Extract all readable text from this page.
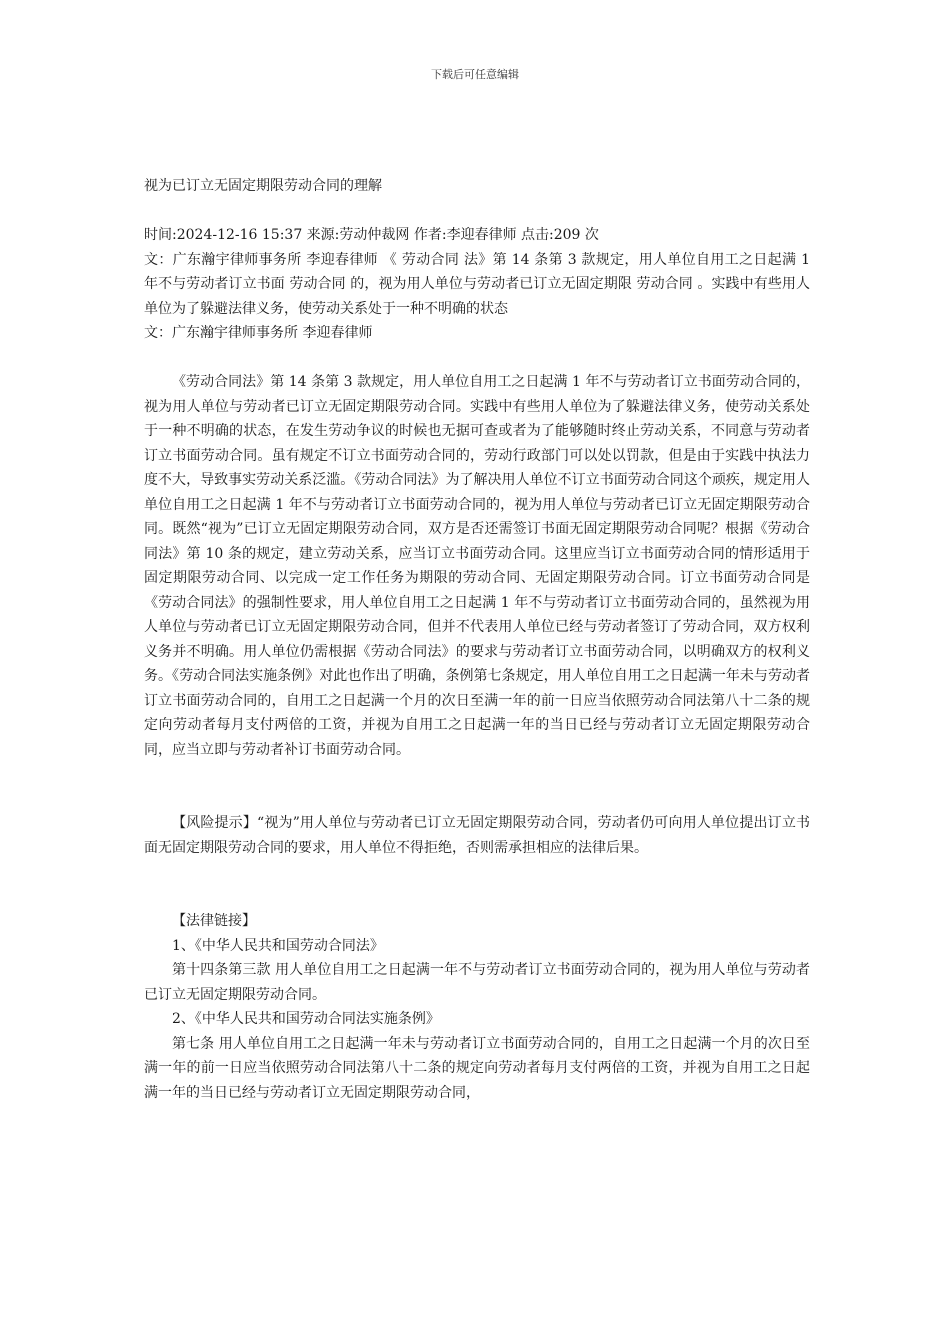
下载后可任意编辑

视为已订立无固定期限劳动合同的理解

时间:2024-12-16 15:37 来源:劳动仲裁网 作者:李迎春律师 点击:209 次

文：广东瀚宇律师事务所 李迎春律师 《 劳动合同 法》第 14 条第 3 款规定，用人单位自用工之日起满 1 年不与劳动者订立书面 劳动合同 的，视为用人单位与劳动者已订立无固定期限 劳动合同 。实践中有些用人单位为了躲避法律义务，使劳动关系处于一种不明确的状态

文：广东瀚宇律师事务所 李迎春律师

《劳动合同法》第 14 条第 3 款规定，用人单位自用工之日起满 1 年不与劳动者订立书面劳动合同的，视为用人单位与劳动者已订立无固定期限劳动合同。实践中有些用人单位为了躲避法律义务，使劳动关系处于一种不明确的状态，在发生劳动争议的时候也无据可查或者为了能够随时终止劳动关系，不同意与劳动者订立书面劳动合同。虽有规定不订立书面劳动合同的，劳动行政部门可以处以罚款，但是由于实践中执法力度不大，导致事实劳动关系泛滥。《劳动合同法》为了解决用人单位不订立书面劳动合同这个顽疾，规定用人单位自用工之日起满 1 年不与劳动者订立书面劳动合同的，视为用人单位与劳动者已订立无固定期限劳动合同。既然“视为”已订立无固定期限劳动合同，双方是否还需签订书面无固定期限劳动合同呢？根据《劳动合同法》第 10 条的规定，建立劳动关系，应当订立书面劳动合同。这里应当订立书面劳动合同的情形适用于固定期限劳动合同、以完成一定工作任务为期限的劳动合同、无固定期限劳动合同。订立书面劳动合同是《劳动合同法》的强制性要求，用人单位自用工之日起满 1 年不与劳动者订立书面劳动合同的，虽然视为用人单位与劳动者已订立无固定期限劳动合同，但并不代表用人单位已经与劳动者签订了劳动合同，双方权利义务并不明确。用人单位仍需根据《劳动合同法》的要求与劳动者订立书面劳动合同，以明确双方的权利义务。《劳动合同法实施条例》对此也作出了明确，条例第七条规定，用人单位自用工之日起满一年未与劳动者订立书面劳动合同的，自用工之日起满一个月的次日至满一年的前一日应当依照劳动合同法第八十二条的规定向劳动者每月支付两倍的工资，并视为自用工之日起满一年的当日已经与劳动者订立无固定期限劳动合同，应当立即与劳动者补订书面劳动合同。

【风险提示】“视为”用人单位与劳动者已订立无固定期限劳动合同，劳动者仍可向用人单位提出订立书面无固定期限劳动合同的要求，用人单位不得拒绝，否则需承担相应的法律后果。

【法律链接】

1、《中华人民共和国劳动合同法》

第十四条第三款 用人单位自用工之日起满一年不与劳动者订立书面劳动合同的，视为用人单位与劳动者已订立无固定期限劳动合同。

2、《中华人民共和国劳动合同法实施条例》

第七条 用人单位自用工之日起满一年未与劳动者订立书面劳动合同的，自用工之日起满一个月的次日至满一年的前一日应当依照劳动合同法第八十二条的规定向劳动者每月支付两倍的工资，并视为自用工之日起满一年的当日已经与劳动者订立无固定期限劳动合同，
